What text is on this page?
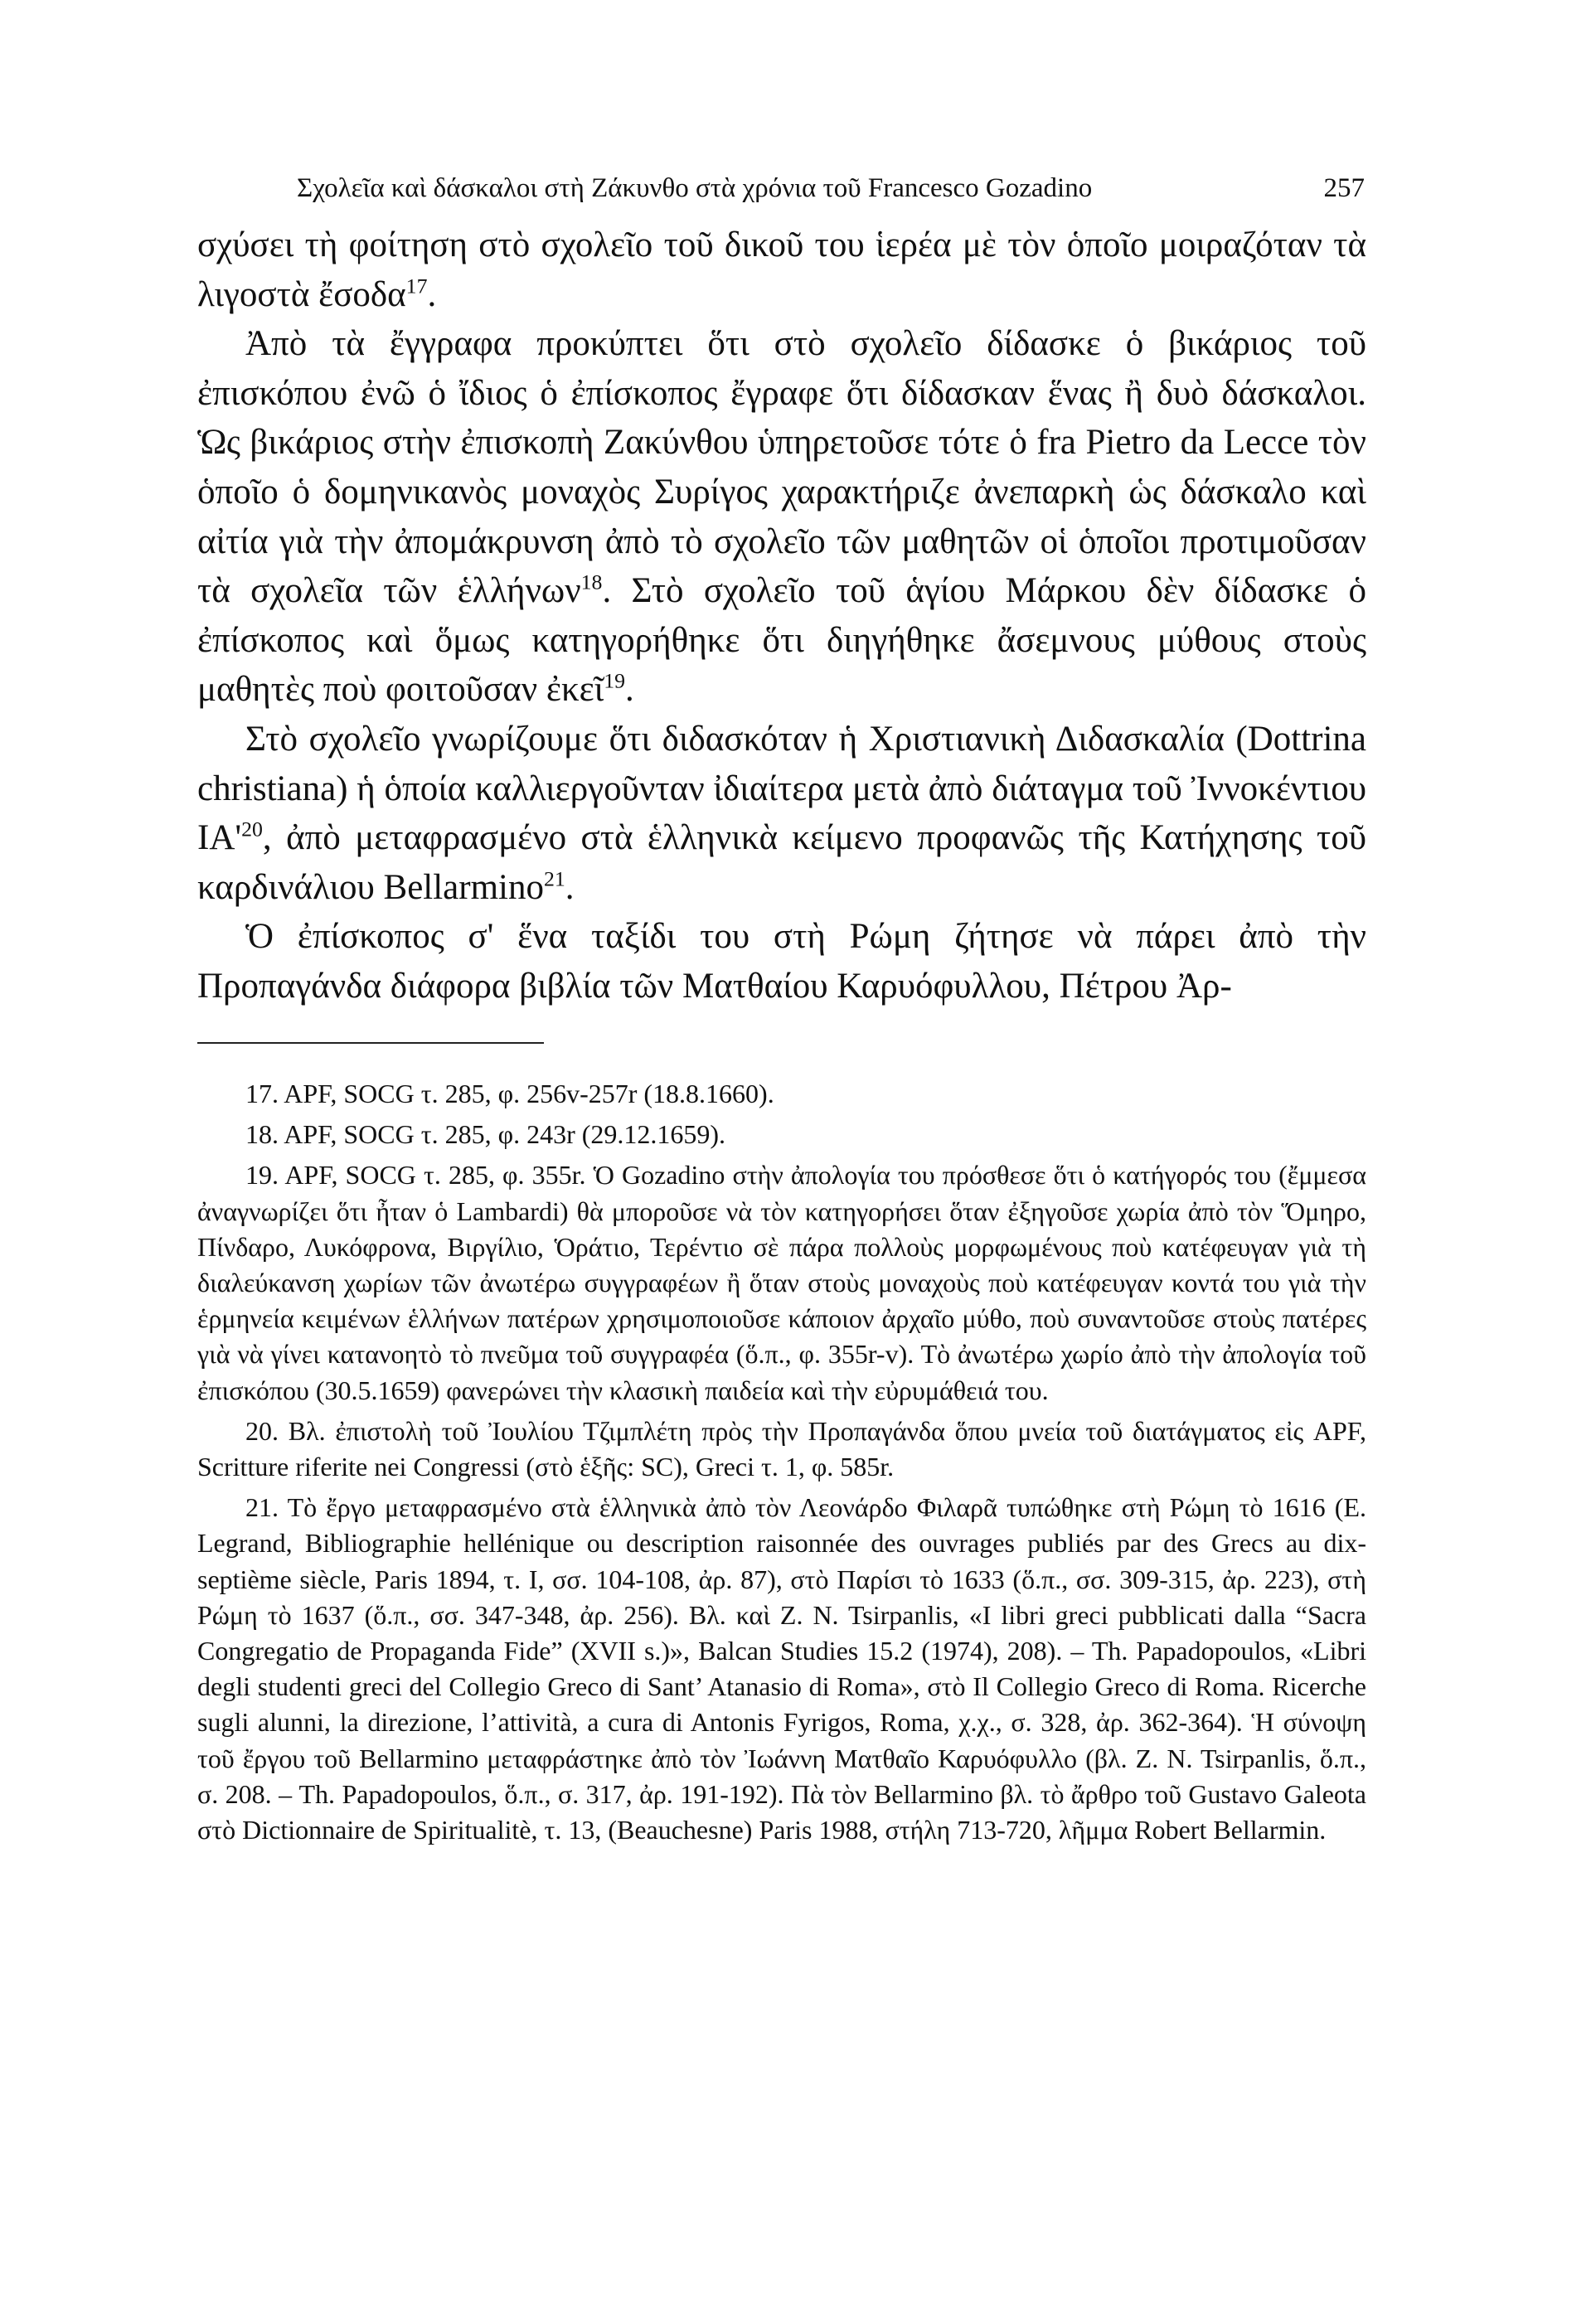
Σχολεῖα καὶ δάσκαλοι στὴ Ζάκυνθο στὰ χρόνια τοῦ Francesco Gozadino	257

σχύσει τὴ φοίτηση στὸ σχολεῖο τοῦ δικοῦ του ἱερέα μὲ τὸν ὁποῖο μοιραζόταν τὰ λιγοστὰ ἔσοδα$^{17}$.

Ἀπὸ τὰ ἔγγραφα προκύπτει ὅτι στὸ σχολεῖο δίδασκε ὁ βικάριος τοῦ ἐπισκόπου ἐνῶ ὁ ἴδιος ὁ ἐπίσκοπος ἔγραφε ὅτι δίδασκαν ἕνας ἢ δυὸ δάσκαλοι. Ὡς βικάριος στὴν ἐπισκοπὴ Ζακύνθου ὑπηρετοῦσε τότε ὁ fra Pietro da Lecce τὸν ὁποῖο ὁ δομηνικανὸς μοναχὸς Συρίγος χαρακτήριζε ἀνεπαρκὴ ὡς δάσκαλο καὶ αἰτία γιὰ τὴν ἀπομάκρυνση ἀπὸ τὸ σχολεῖο τῶν μαθητῶν οἱ ὁποῖοι προτιμοῦσαν τὰ σχολεῖα τῶν ἑλλήνων$^{18}$. Στὸ σχολεῖο τοῦ ἁγίου Μάρκου δὲν δίδασκε ὁ ἐπίσκοπος καὶ ὅμως κατηγορήθηκε ὅτι διηγήθηκε ἄσεμνους μύθους στοὺς μαθητὲς ποὺ φοιτοῦσαν ἐκεῖ$^{19}$.

Στὸ σχολεῖο γνωρίζουμε ὅτι διδασκόταν ἡ Χριστιανικὴ Διδασκαλία (Dottrina christiana) ἡ ὁποία καλλιεργοῦνταν ἰδιαίτερα μετὰ ἀπὸ διάταγμα τοῦ Ἰννοκέντιου ΙΑ'$^{20}$, ἀπὸ μεταφρασμένο στὰ ἑλληνικὰ κείμενο προφανῶς τῆς Κατήχησης τοῦ καρδινάλιου Bellarmino$^{21}$.

Ὁ ἐπίσκοπος σ' ἕνα ταξίδι του στὴ Ρώμη ζήτησε νὰ πάρει ἀπὸ τὴν Προπαγάνδα διάφορα βιβλία τῶν Ματθαίου Καρυόφυλλου, Πέτρου Ἀρ-

17. APF, SOCG τ. 285, φ. 256v-257r (18.8.1660).

18. APF, SOCG τ. 285, φ. 243r (29.12.1659).

19. APF, SOCG τ. 285, φ. 355r. Ὁ Gozadino στὴν ἀπολογία του πρόσθεσε ὅτι ὁ κατήγορός του (ἔμμεσα ἀναγνωρίζει ὅτι ἦταν ὁ Lambardi) θὰ μποροῦσε νὰ τὸν κατηγορήσει ὅταν ἐξηγοῦσε χωρία ἀπὸ τὸν Ὅμηρο, Πίνδαρο, Λυκόφρονα, Βιργίλιο, Ὁράτιο, Τερέντιο σὲ πάρα πολλοὺς μορφωμένους ποὺ κατέφευγαν γιὰ τὴ διαλεύκανση χωρίων τῶν ἀνωτέρω συγγραφέων ἢ ὅταν στοὺς μοναχοὺς ποὺ κατέφευγαν κοντά του γιὰ τὴν ἑρμηνεία κειμένων ἑλλήνων πατέρων χρησιμοποιοῦσε κάποιον ἀρχαῖο μύθο, ποὺ συναντοῦσε στοὺς πατέρες γιὰ νὰ γίνει κατανοητὸ τὸ πνεῦμα τοῦ συγγραφέα (ὅ.π., φ. 355r-v). Τὸ ἀνωτέρω χωρίο ἀπὸ τὴν ἀπολογία τοῦ ἐπισκόπου (30.5.1659) φανερώνει τὴν κλασικὴ παιδεία καὶ τὴν εὐρυμάθειά του.

20. Βλ. ἐπιστολὴ τοῦ Ἰουλίου Τζιμπλέτη πρὸς τὴν Προπαγάνδα ὅπου μνεία τοῦ διατάγματος εἰς APF, Scritture riferite nei Congressi (στὸ ἑξῆς: SC), Greci τ. 1, φ. 585r.

21. Τὸ ἔργο μεταφρασμένο στὰ ἑλληνικὰ ἀπὸ τὸν Λεονάρδο Φιλαρᾶ τυπώθηκε στὴ Ρώμη τὸ 1616 (E. Legrand, Bibliographie hellénique ou description raisonnée des ouvrages publiés par des Grecs au dix-septième siècle, Paris 1894, τ. I, σσ. 104-108, ἀρ. 87), στὸ Παρίσι τὸ 1633 (ὅ.π., σσ. 309-315, ἀρ. 223), στὴ Ρώμη τὸ 1637 (ὅ.π., σσ. 347-348, ἀρ. 256). Βλ. καὶ Z. N. Tsirpanlis, «I libri greci pubblicati dalla “Sacra Congregatio de Propaganda Fide” (XVII s.)», Balcan Studies 15.2 (1974), 208). – Th. Papadopoulos, «Libri degli studenti greci del Collegio Greco di Sant’ Atanasio di Roma», στὸ Il Collegio Greco di Roma. Ricerche sugli alunni, la direzione, l’attività, a cura di Antonis Fyrigos, Roma, χ.χ., σ. 328, ἀρ. 362-364). Ἡ σύνοψη τοῦ ἔργου τοῦ Bellarmino μεταφράστηκε ἀπὸ τὸν Ἰωάννη Ματθαῖο Καρυόφυλλο (βλ. Z. N. Tsirpanlis, ὅ.π., σ. 208. – Th. Papadopoulos, ὅ.π., σ. 317, ἀρ. 191-192). Πὰ τὸν Bellarmino βλ. τὸ ἄρθρο τοῦ Gustavo Galeota στὸ Dictionnaire de Spiritualitè, τ. 13, (Beauchesne) Paris 1988, στήλη 713-720, λῆμμα Robert Bellarmin.
